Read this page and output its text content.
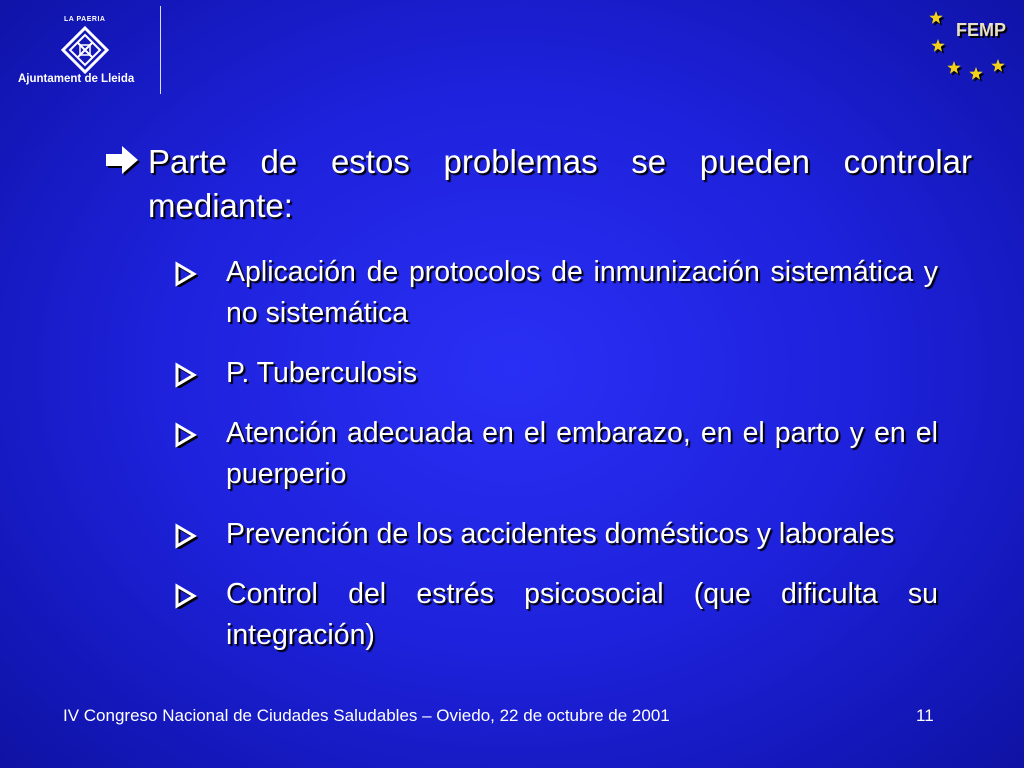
LA PAERIA
Ajuntament de Lleida
FEMP
Parte de estos problemas se pueden controlar mediante:
Aplicación de protocolos de inmunización sistemática y no sistemática
P. Tuberculosis
Atención adecuada en el embarazo, en el parto y en el puerperio
Prevención de los accidentes domésticos y laborales
Control del estrés psicosocial (que dificulta su integración)
IV Congreso Nacional de Ciudades Saludables – Oviedo, 22 de octubre de 2001	11
